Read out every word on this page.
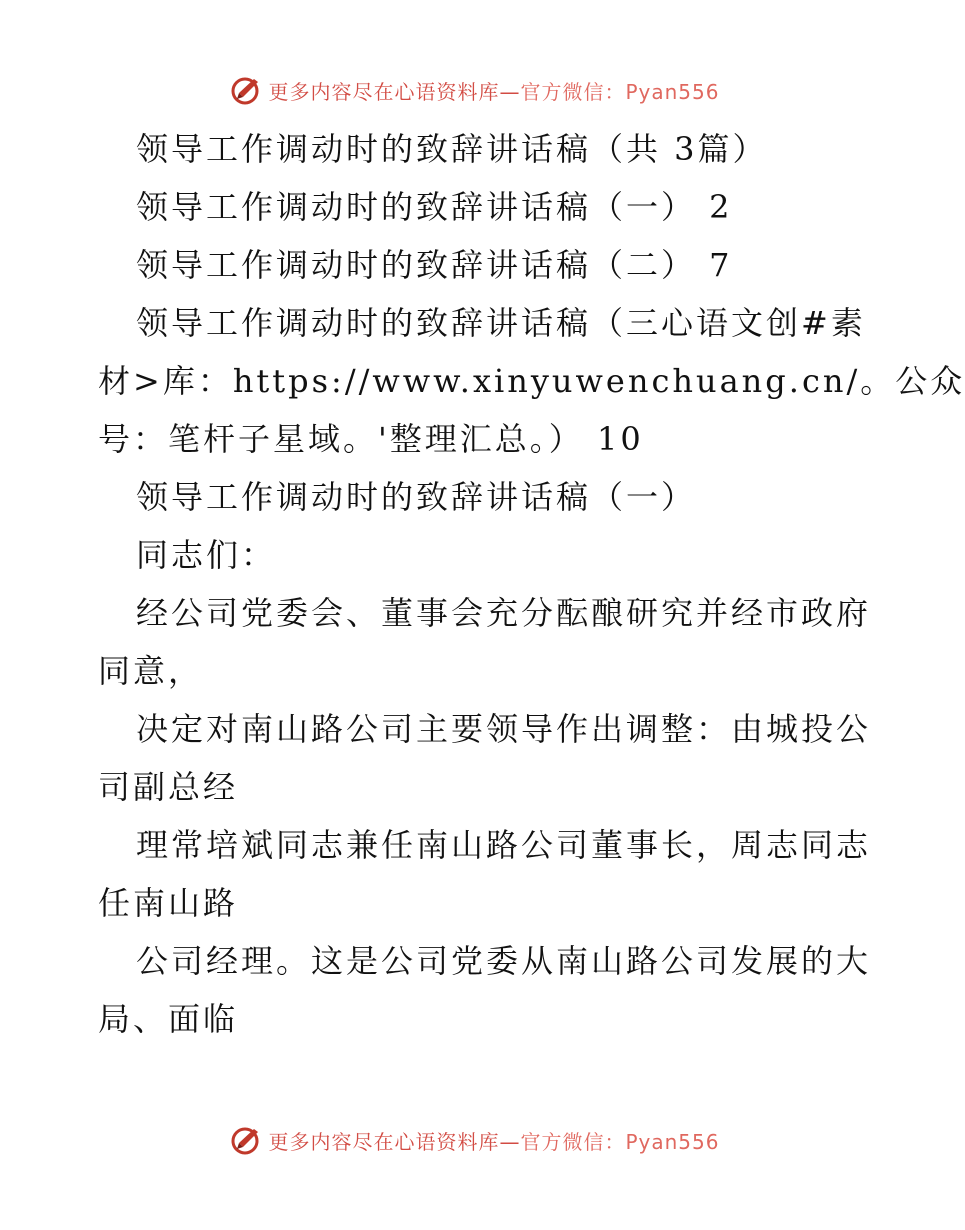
更多内容尽在心语资料库—官方微信：Pyan556
领导工作调动时的致辞讲话稿（共 3篇）
领导工作调动时的致辞讲话稿（一） 2
领导工作调动时的致辞讲话稿（二） 7
领导工作调动时的致辞讲话稿（三心语文创#素
材>库：https://www.xinyuwenchuang.cn/。公众
号：笔杆子星域。'整理汇总。） 10
领导工作调动时的致辞讲话稿（一）
同志们：
经公司党委会、董事会充分酝酿研究并经市政府
同意，
决定对南山路公司主要领导作出调整：由城投公
司副总经
理常培斌同志兼任南山路公司董事长，周志同志
任南山路
公司经理。这是公司党委从南山路公司发展的大
局、面临
更多内容尽在心语资料库—官方微信：Pyan556
